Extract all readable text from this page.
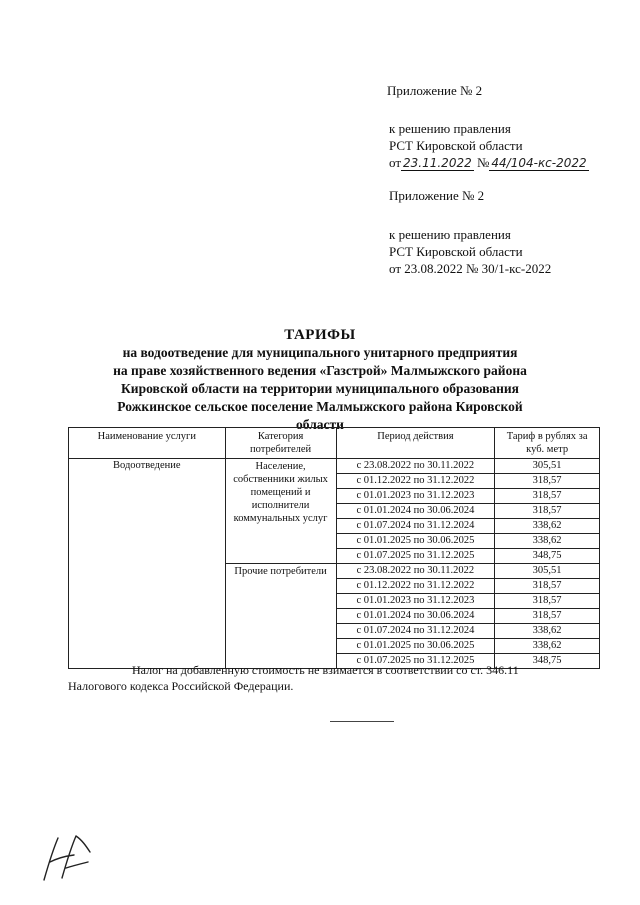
Приложение № 2
к решению правления
РСТ Кировской области
от 23.11.2022 № 44/104-кс-2022
Приложение № 2
к решению правления
РСТ Кировской области
от 23.08.2022 № 30/1-кс-2022
ТАРИФЫ
на водоотведение для муниципального унитарного предприятия
на праве хозяйственного ведения «Газстрой» Малмыжского района
Кировской области на территории муниципального образования
Рожкинское сельское поселение Малмыжского района Кировской
области
Наименование услуги	Категория потребителей	Период действия	Тариф в рублях за куб. метр
Водоотведение	Население, собственники жилых помещений и исполнители коммунальных услуг	с 23.08.2022 по 30.11.2022	305,51
		с 01.12.2022 по 31.12.2022	318,57
		с 01.01.2023 по 31.12.2023	318,57
		с 01.01.2024 по 30.06.2024	318,57
		с 01.07.2024 по 31.12.2024	338,62
		с 01.01.2025 по 30.06.2025	338,62
		с 01.07.2025 по 31.12.2025	348,75
	Прочие потребители	с 23.08.2022 по 30.11.2022	305,51
		с 01.12.2022 по 31.12.2022	318,57
		с 01.01.2023 по 31.12.2023	318,57
		с 01.01.2024 по 30.06.2024	318,57
		с 01.07.2024 по 31.12.2024	338,62
		с 01.01.2025 по 30.06.2025	338,62
		с 01.07.2025 по 31.12.2025	348,75
Налог на добавленную стоимость не взимается в соответствии со ст. 346.11
Налогового кодекса Российской Федерации.
